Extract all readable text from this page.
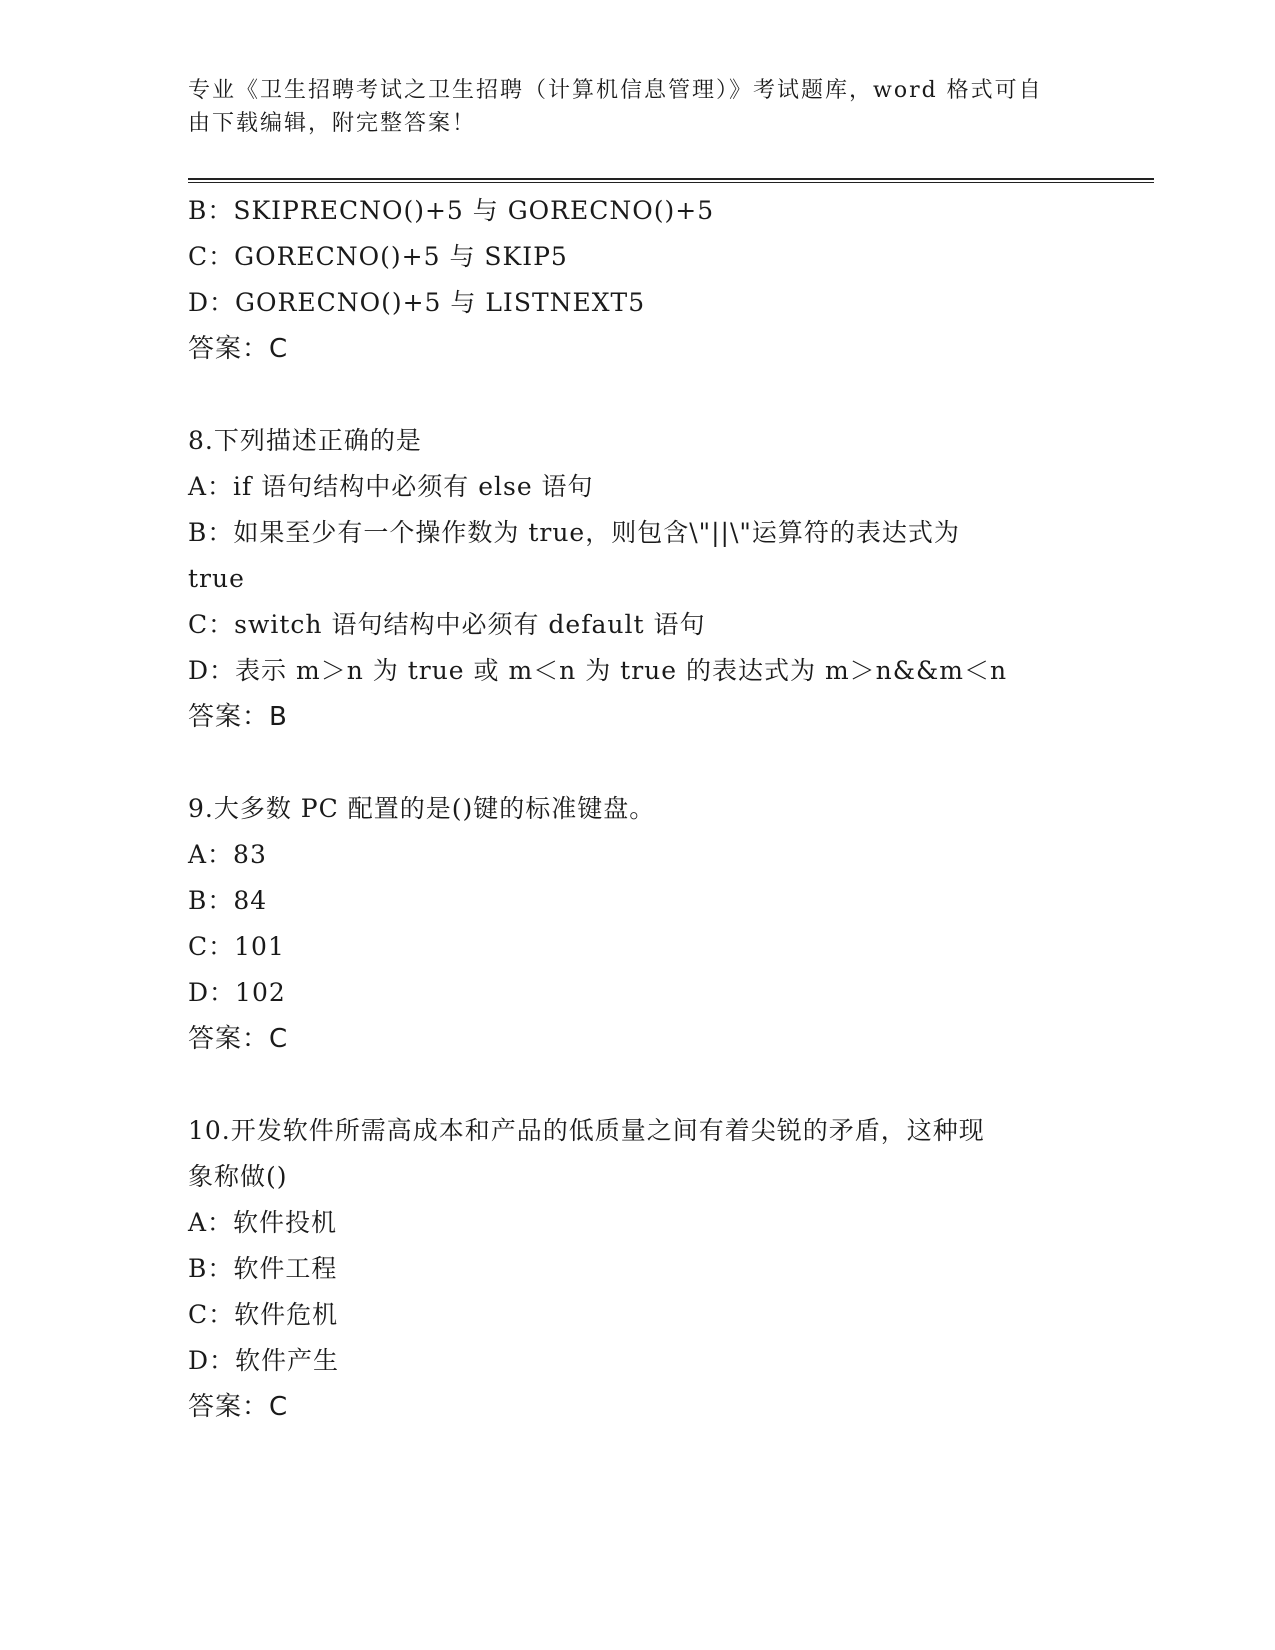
专业《卫生招聘考试之卫生招聘（计算机信息管理）》考试题库，word 格式可自
由下载编辑，附完整答案！
B：SKIPRECNO()+5 与 GORECNO()+5
C：GORECNO()+5 与 SKIP5
D：GORECNO()+5 与 LISTNEXT5
答案：C
8.下列描述正确的是
A：if 语句结构中必须有 else 语句
B：如果至少有一个操作数为 true，则包含\"||\"运算符的表达式为
true
C：switch 语句结构中必须有 default 语句
D：表示 m＞n 为 true 或 m＜n 为 true 的表达式为 m＞n&&m＜n
答案：B
9.大多数 PC 配置的是()键的标准键盘。
A：83
B：84
C：101
D：102
答案：C
10.开发软件所需高成本和产品的低质量之间有着尖锐的矛盾，这种现
象称做()
A：软件投机
B：软件工程
C：软件危机
D：软件产生
答案：C
